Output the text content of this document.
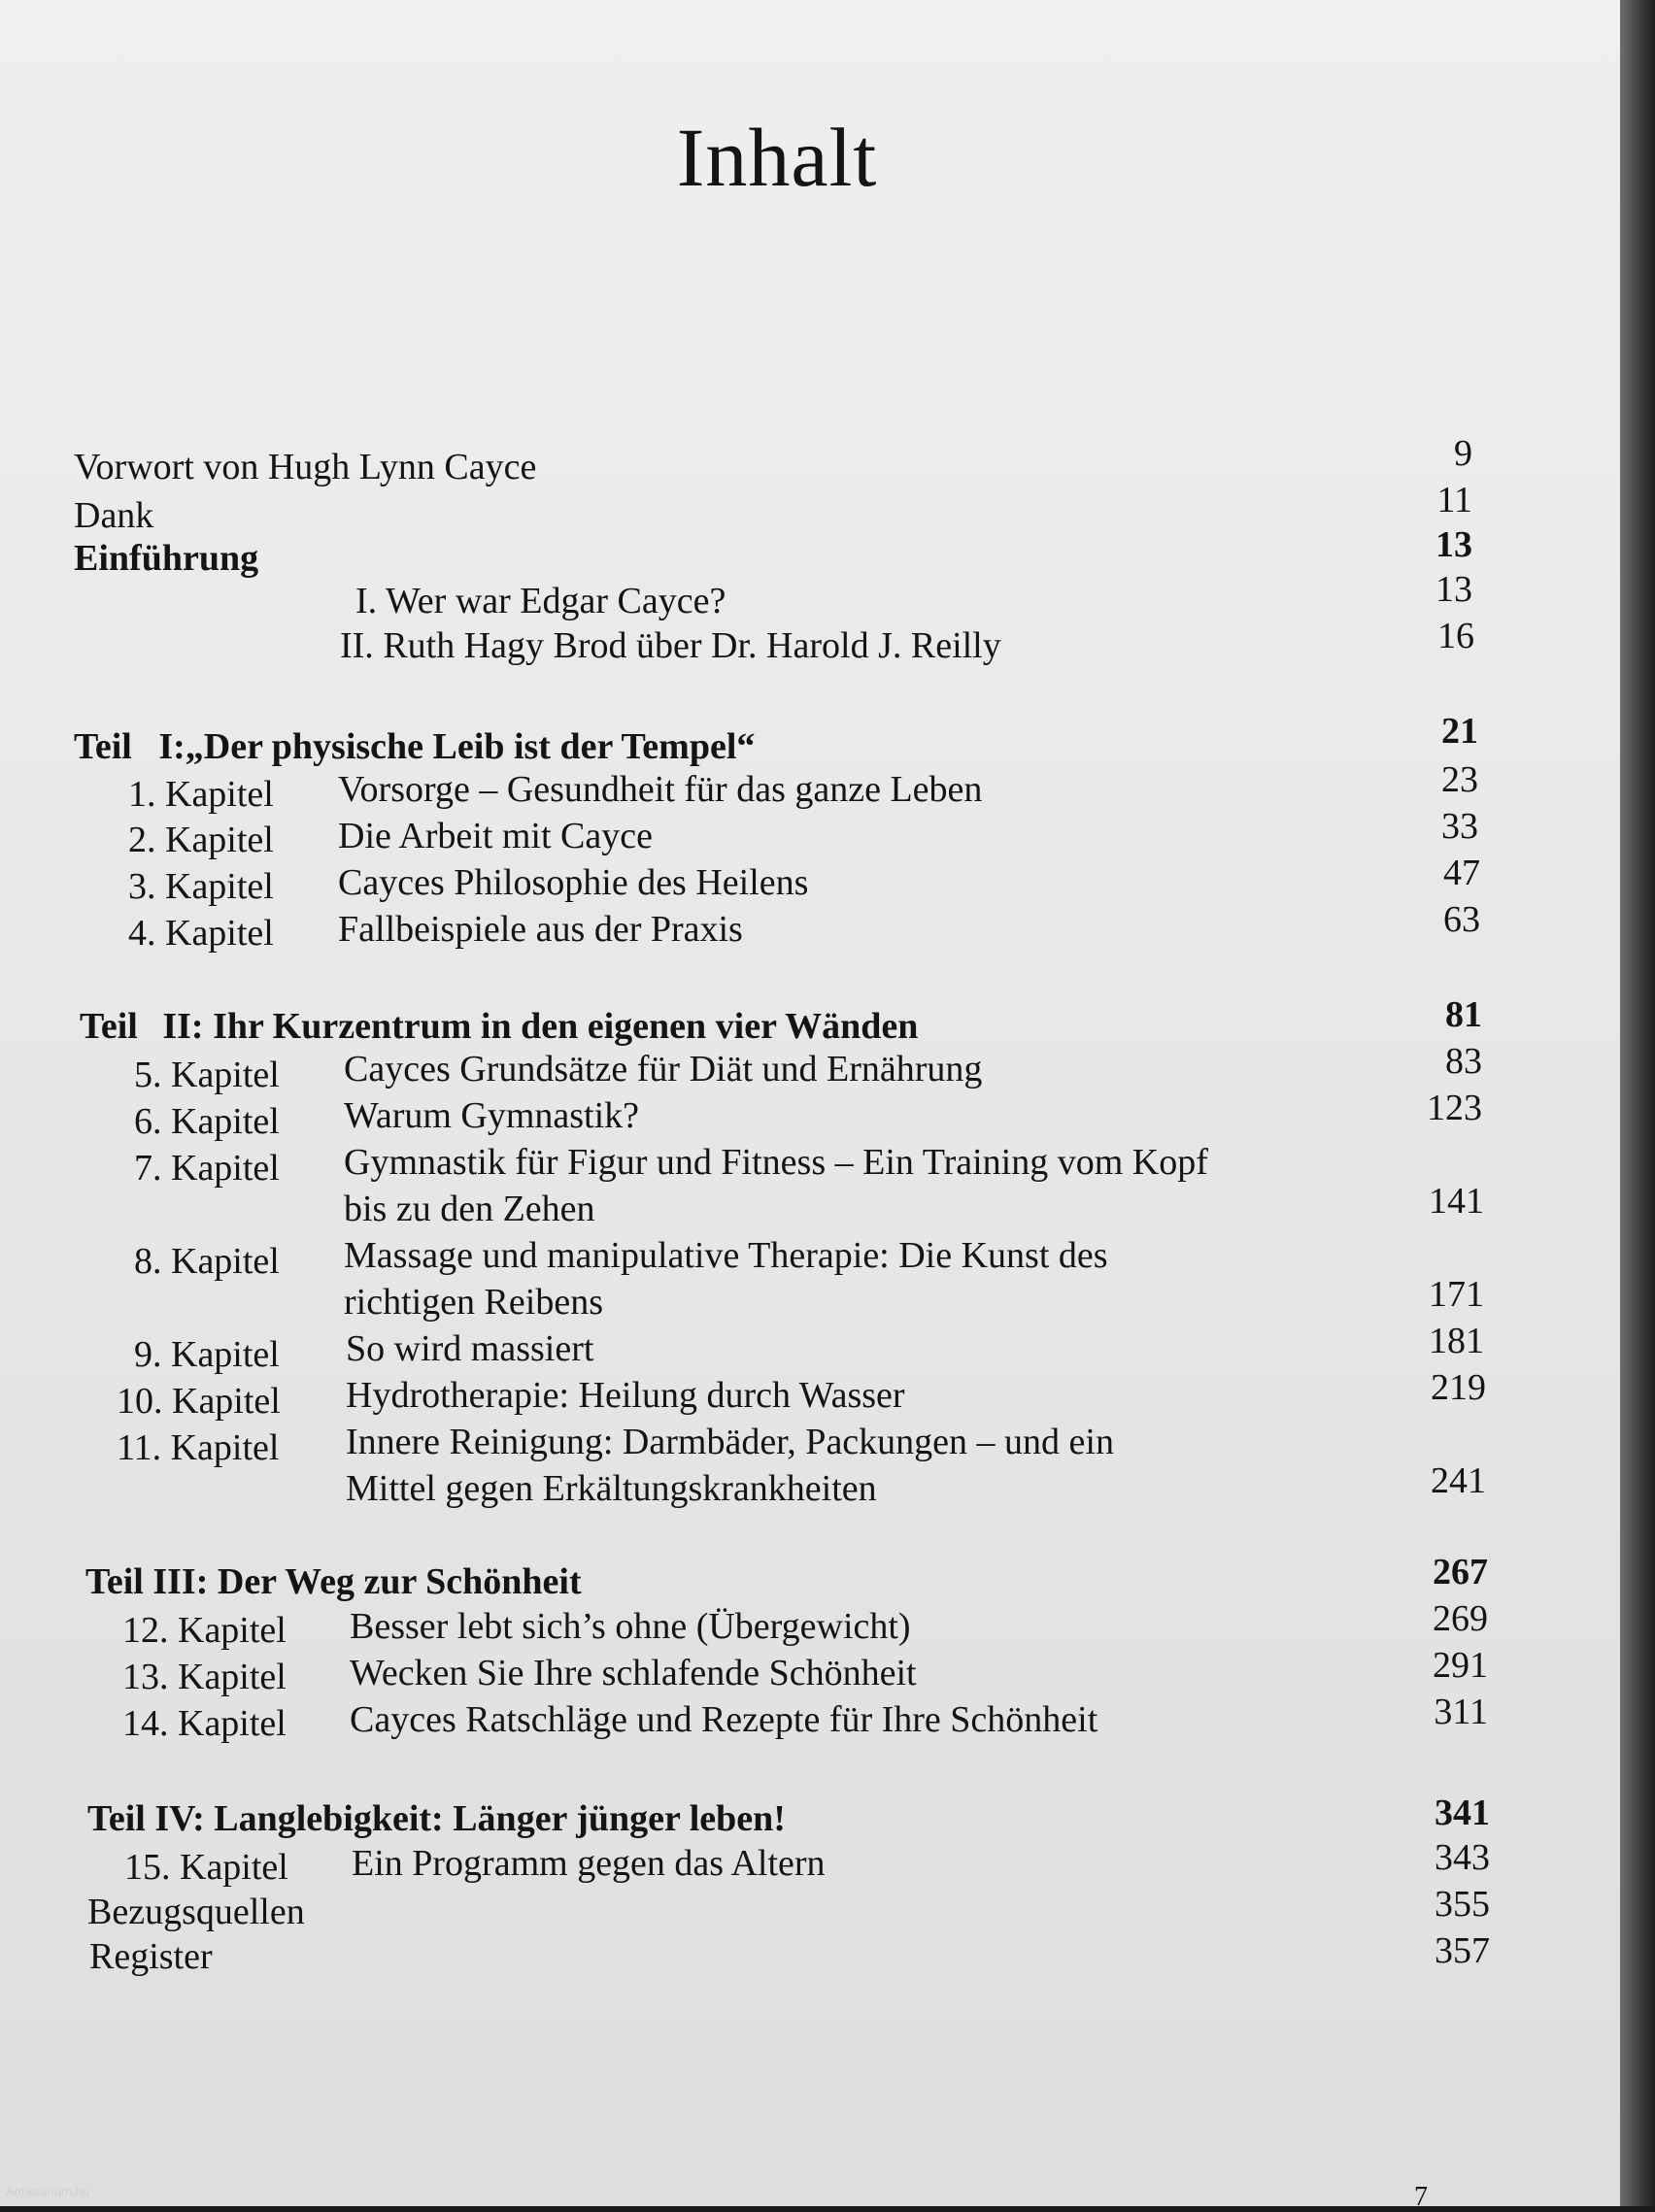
Inhalt
Vorwort von Hugh Lynn Cayce	9
Dank	11
Einführung	13
I. Wer war Edgar Cayce?	13
II. Ruth Hagy Brod über Dr. Harold J. Reilly	16
Teil I:„Der physische Leib ist der Tempel“	21
1. Kapitel Vorsorge – Gesundheit für das ganze Leben	23
2. Kapitel Die Arbeit mit Cayce	33
3. Kapitel Cayces Philosophie des Heilens	47
4. Kapitel Fallbeispiele aus der Praxis	63
Teil II: Ihr Kurzentrum in den eigenen vier Wänden	81
5. Kapitel Cayces Grundsätze für Diät und Ernährung	83
6. Kapitel Warum Gymnastik?	123
7. Kapitel Gymnastik für Figur und Fitness – Ein Training vom Kopf
bis zu den Zehen	141
8. Kapitel Massage und manipulative Therapie: Die Kunst des
richtigen Reibens	171
9. Kapitel So wird massiert	181
10. Kapitel Hydrotherapie: Heilung durch Wasser	219
11. Kapitel Innere Reinigung: Darmbäder, Packungen – und ein
Mittel gegen Erkältungskrankheiten	241
Teil III: Der Weg zur Schönheit	267
12. Kapitel Besser lebt sich’s ohne (Übergewicht)	269
13. Kapitel Wecken Sie Ihre schlafende Schönheit	291
14. Kapitel Cayces Ratschläge und Rezepte für Ihre Schönheit	311
Teil IV: Langlebigkeit: Länger jünger leben!	341
15. Kapitel Ein Programm gegen das Altern	343
Bezugsquellen	355
Register	357
7
Antikvárium.hu
